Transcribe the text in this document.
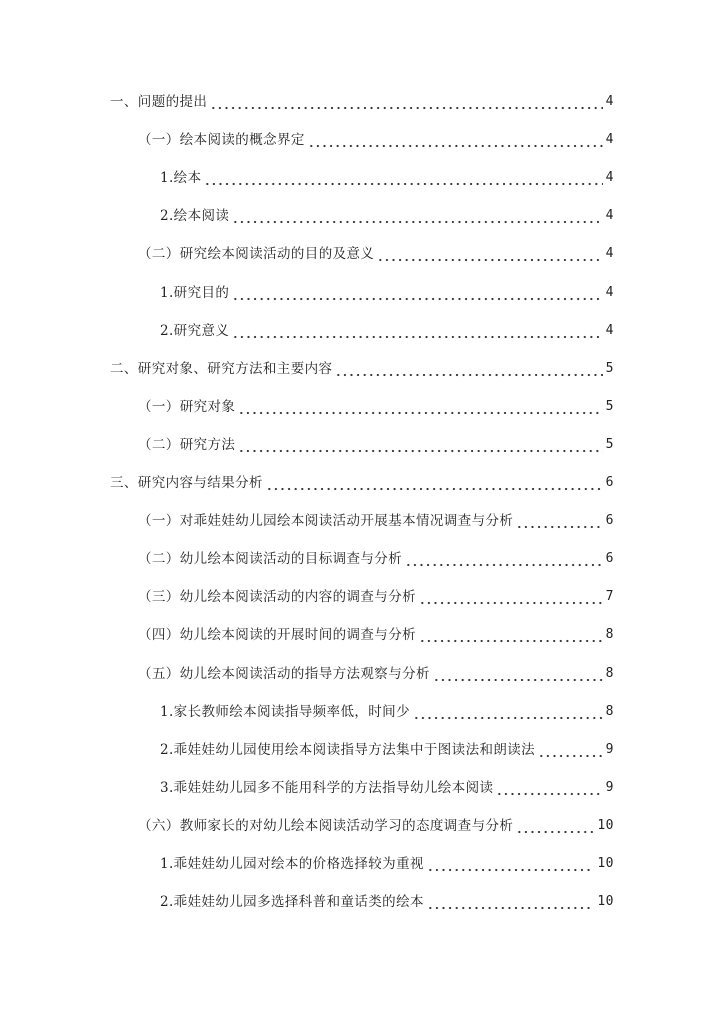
一、问题的提出	4
（一）绘本阅读的概念界定	4
1.绘本	4
2.绘本阅读	4
（二）研究绘本阅读活动的目的及意义	4
1.研究目的	4
2.研究意义	4
二、研究对象、研究方法和主要内容	5
（一）研究对象	5
（二）研究方法	5
三、研究内容与结果分析	6
（一）对乖娃娃幼儿园绘本阅读活动开展基本情况调查与分析	6
（二）幼儿绘本阅读活动的目标调查与分析	6
（三）幼儿绘本阅读活动的内容的调查与分析	7
（四）幼儿绘本阅读的开展时间的调查与分析	8
（五）幼儿绘本阅读活动的指导方法观察与分析	8
1.家长教师绘本阅读指导频率低，时间少	8
2.乖娃娃幼儿园使用绘本阅读指导方法集中于图读法和朗读法	9
3.乖娃娃幼儿园多不能用科学的方法指导幼儿绘本阅读	9
（六）教师家长的对幼儿绘本阅读活动学习的态度调查与分析	10
1.乖娃娃幼儿园对绘本的价格选择较为重视	10
2.乖娃娃幼儿园多选择科普和童话类的绘本	10
